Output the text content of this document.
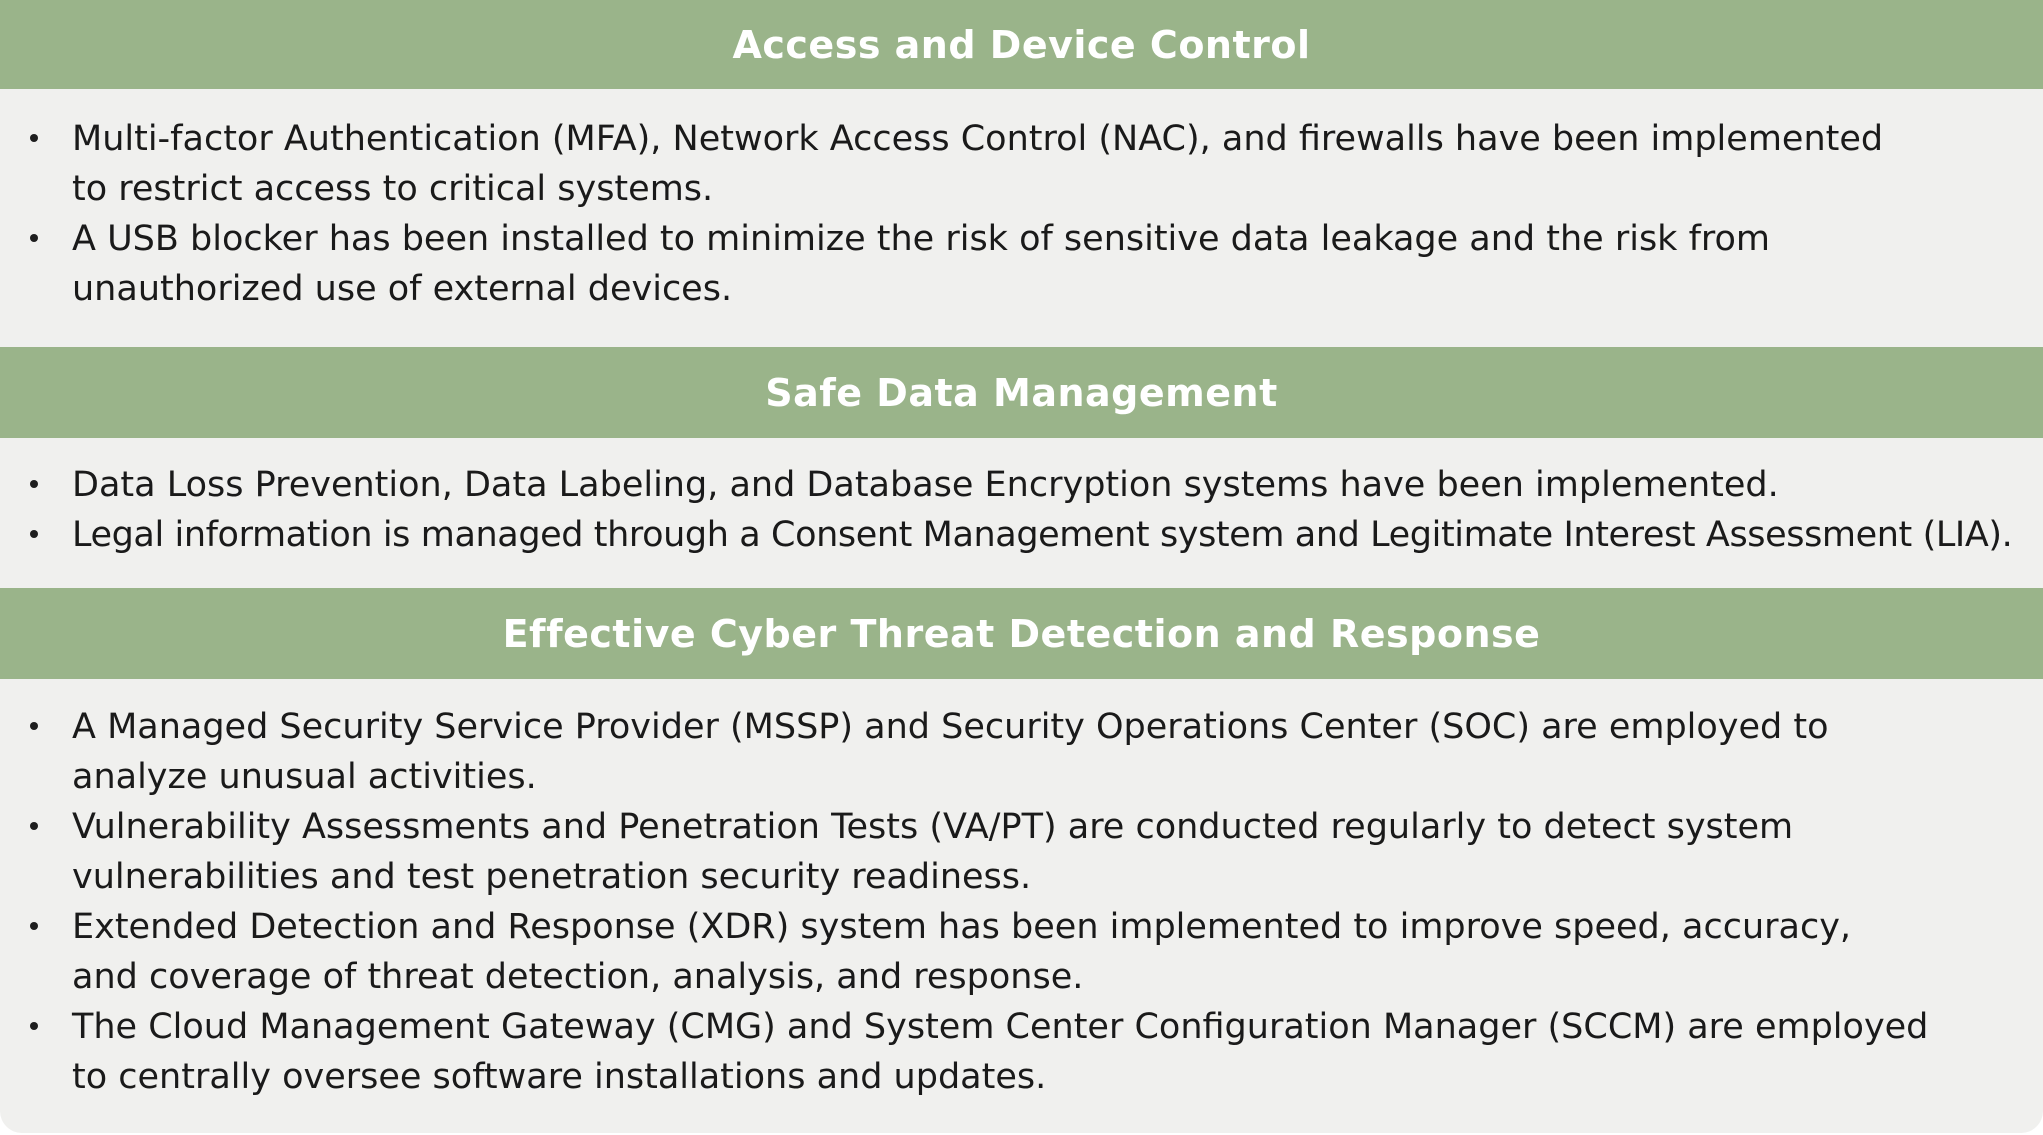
Access and Device Control
Multi-factor Authentication (MFA), Network Access Control (NAC), and firewalls have been implemented
to restrict access to critical systems.
A USB blocker has been installed to minimize the risk of sensitive data leakage and the risk from
unauthorized use of external devices.
Safe Data Management
Data Loss Prevention, Data Labeling, and Database Encryption systems have been implemented.
Legal information is managed through a Consent Management system and Legitimate Interest Assessment (LIA).
Effective Cyber Threat Detection and Response
A Managed Security Service Provider (MSSP) and Security Operations Center (SOC) are employed to
analyze unusual activities.
Vulnerability Assessments and Penetration Tests (VA/PT) are conducted regularly to detect system
vulnerabilities and test penetration security readiness.
Extended Detection and Response (XDR) system has been implemented to improve speed, accuracy,
and coverage of threat detection, analysis, and response.
The Cloud Management Gateway (CMG) and System Center Configuration Manager (SCCM) are employed
to centrally oversee software installations and updates.
